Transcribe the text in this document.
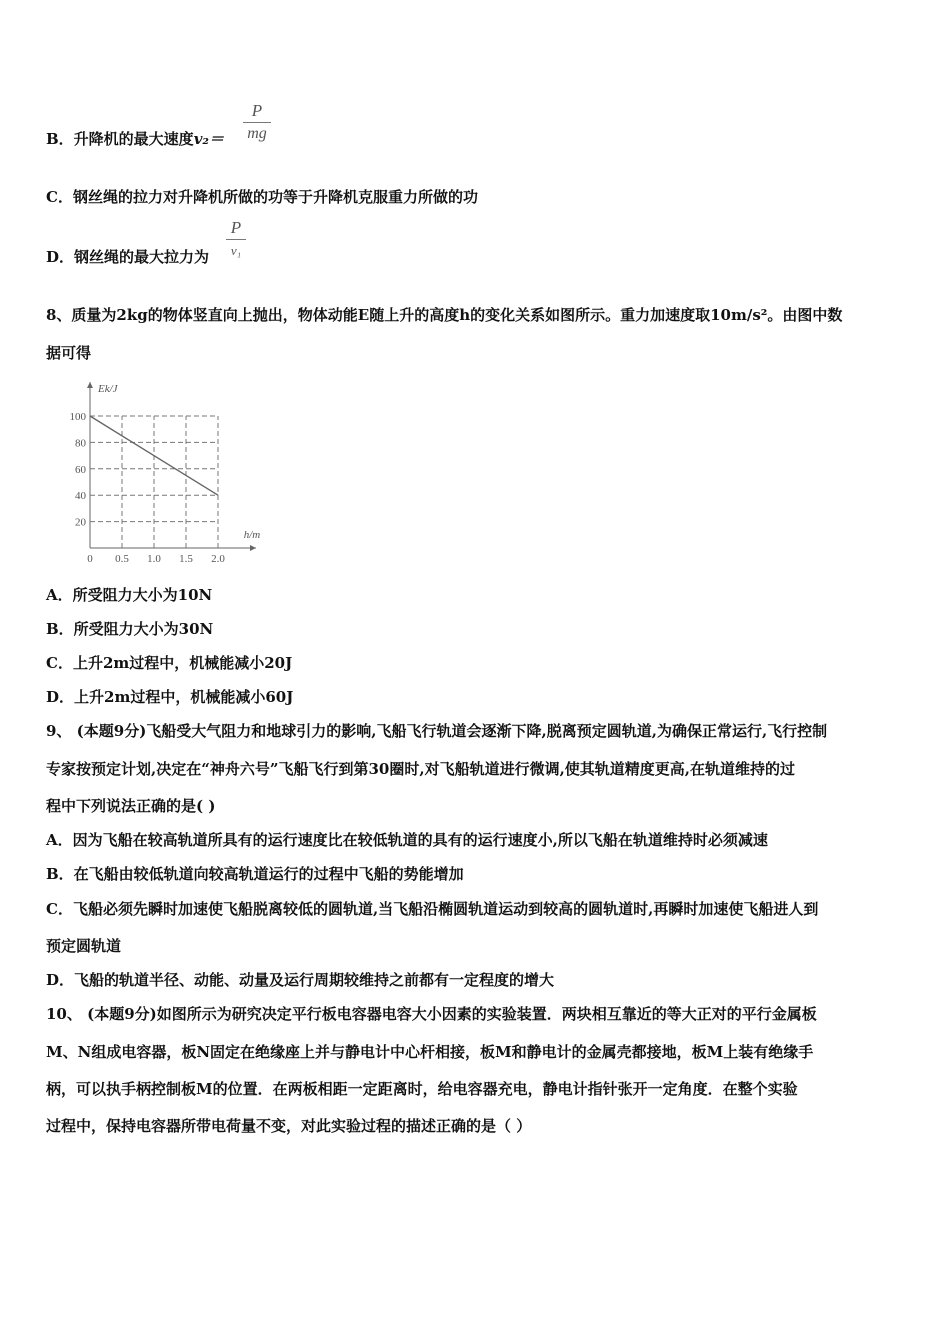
B．升降机的最大速度v₂＝
P
mg
C．钢丝绳的拉力对升降机所做的功等于升降机克服重力所做的功
D．钢丝绳的最大拉力为
P
v₁
8、质量为2kg的物体竖直向上抛出，物体动能E随上升的高度h的变化关系如图所示。重力加速度取10m/s²。由图中数
据可得
0 0.5 1.0 1.5 2.0
20
40
60
80
100
h/m
Ek/J
A．所受阻力大小为10N
B．所受阻力大小为30N
C．上升2m过程中，机械能减小20J
D．上升2m过程中，机械能减小60J
9、 (本题9分)飞船受大气阻力和地球引力的影响,飞船飞行轨道会逐渐下降,脱离预定圆轨道,为确保正常运行,飞行控制
专家按预定计划,决定在“神舟六号”飞船飞行到第30圈时,对飞船轨道进行微调,使其轨道精度更高,在轨道维持的过
程中下列说法正确的是( )
A．因为飞船在较高轨道所具有的运行速度比在较低轨道的具有的运行速度小,所以飞船在轨道维持时必须减速
B．在飞船由较低轨道向较高轨道运行的过程中飞船的势能增加
C．飞船必须先瞬时加速使飞船脱离较低的圆轨道,当飞船沿椭圆轨道运动到较高的圆轨道时,再瞬时加速使飞船进人到
预定圆轨道
D．飞船的轨道半径、动能、动量及运行周期较维持之前都有一定程度的增大
10、 (本题9分)如图所示为研究决定平行板电容器电容大小因素的实验装置．两块相互靠近的等大正对的平行金属板
M、N组成电容器，板N固定在绝缘座上并与静电计中心杆相接，板M和静电计的金属壳都接地，板M上装有绝缘手
柄，可以执手柄控制板M的位置．在两板相距一定距离时，给电容器充电，静电计指针张开一定角度．在整个实验
过程中，保持电容器所带电荷量不变，对此实验过程的描述正确的是（ ）
